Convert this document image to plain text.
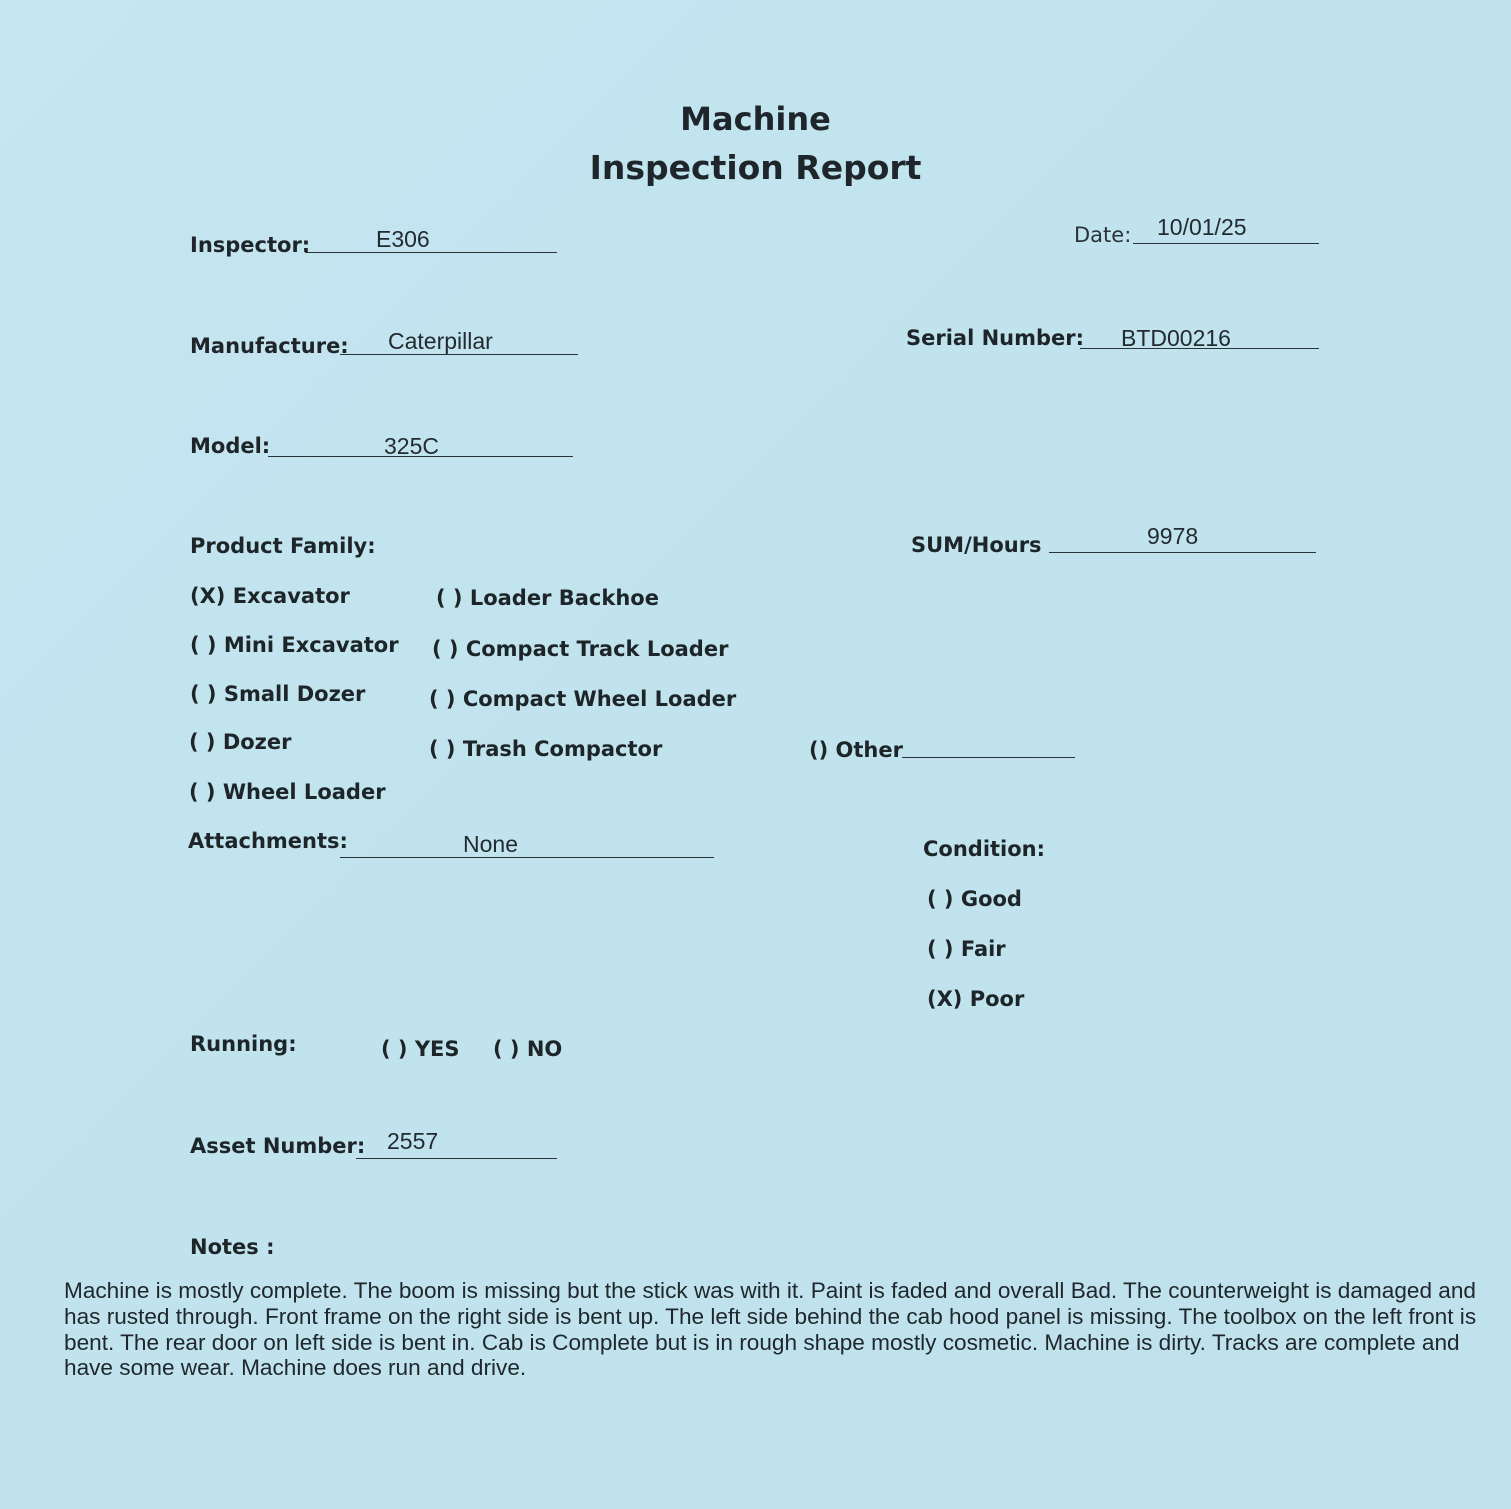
Machine
Inspection Report
Inspector:	E306	Date: 10/01/25
Manufacture: Caterpillar	Serial Number: BTD00216
Model:	325C
Product Family:	SUM/Hours	9978
(X) Excavator	( ) Loader Backhoe
( ) Mini Excavator ( ) Compact Track Loader
( ) Small Dozer	( ) Compact Wheel Loader
( ) Dozer	( ) Trash Compactor	() Other
( ) Wheel Loader
Attachments:	None	Condition:
( ) Good
( ) Fair
(X) Poor
Running:	( ) YES ( ) NO
Asset Number: 2557
Notes :
Machine is mostly complete. The boom is missing but the stick was with it. Paint is faded and overall Bad. The counterweight is damaged and has rusted through. Front frame on the right side is bent up. The left side behind the cab hood panel is missing. The toolbox on the left front is bent. The rear door on left side is bent in. Cab is Complete but is in rough shape mostly cosmetic. Machine is dirty. Tracks are complete and have some wear. Machine does run and drive.
